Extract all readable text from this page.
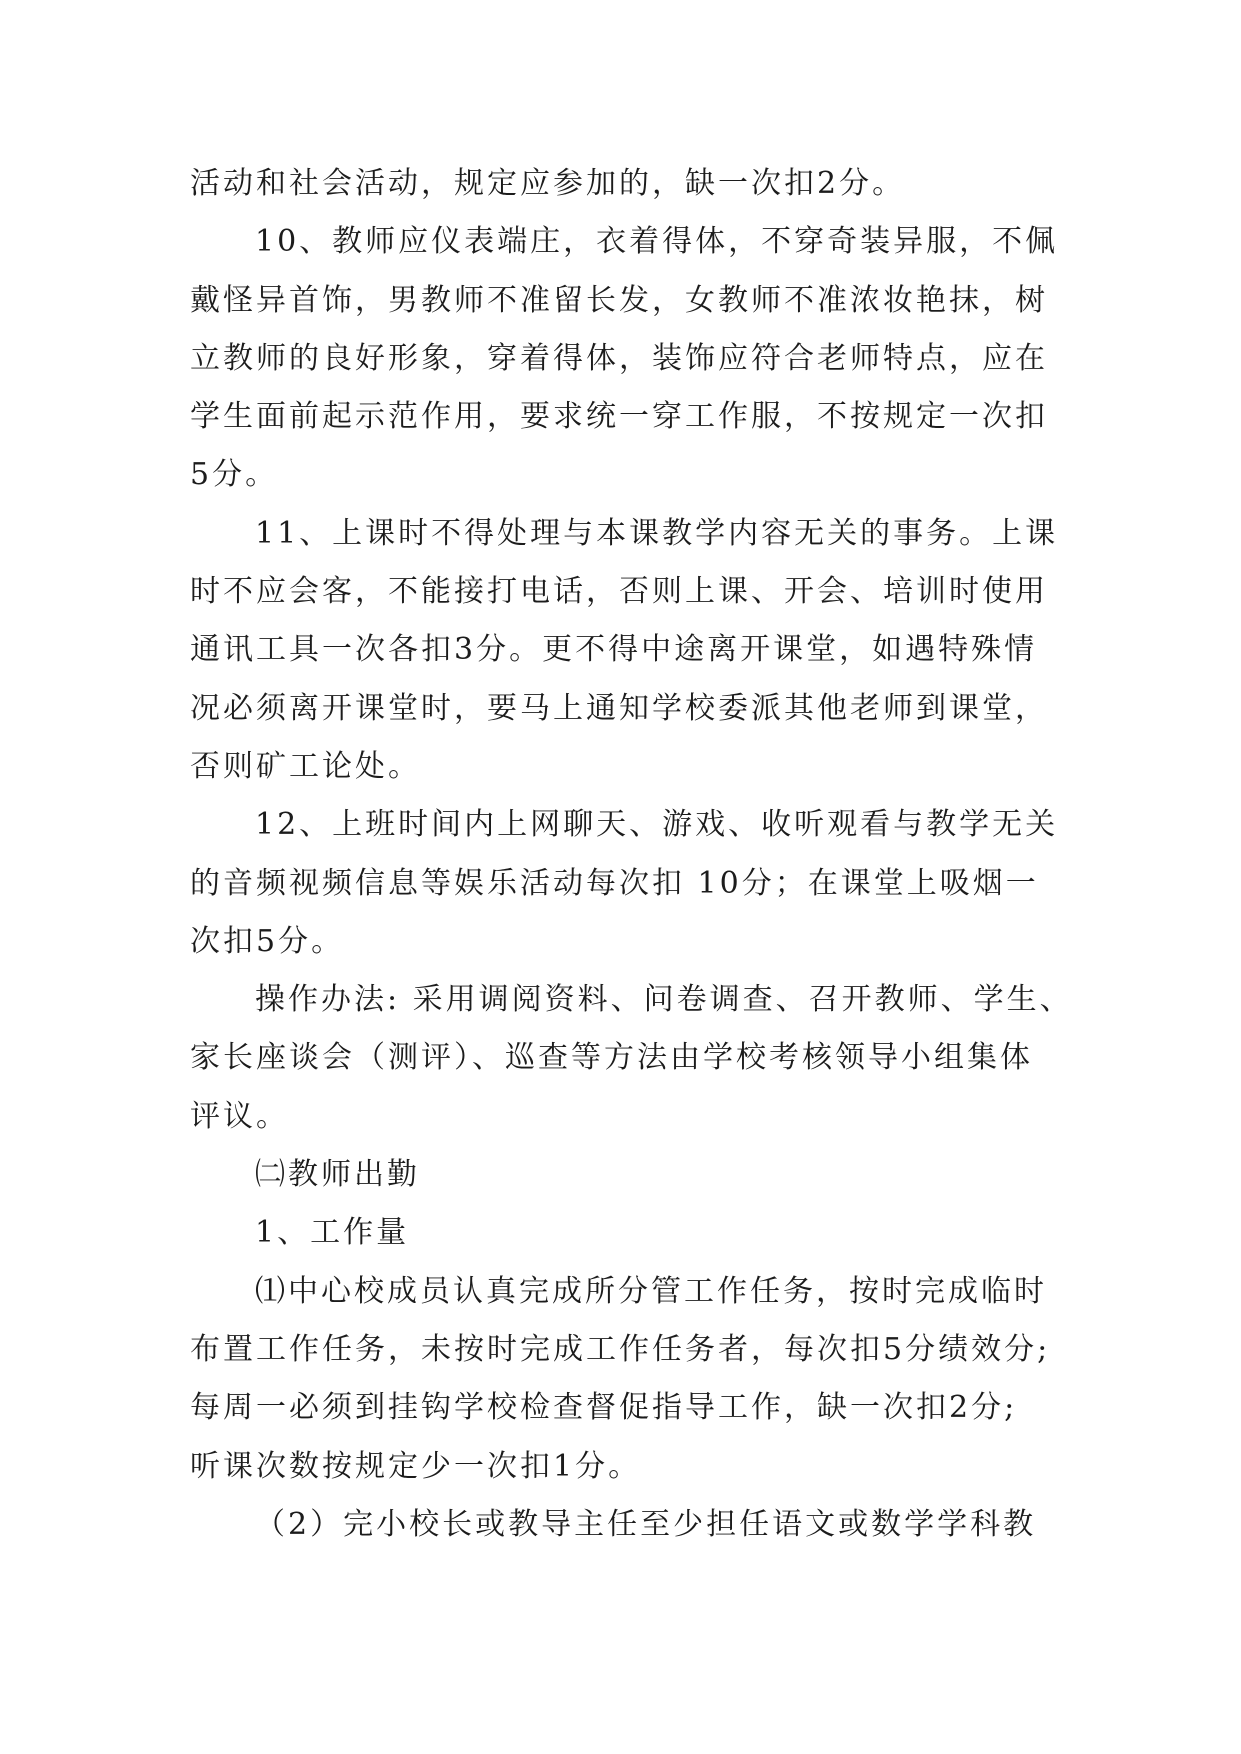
活动和社会活动，规定应参加的，缺一次扣2分。
10、教师应仪表端庄，衣着得体，不穿奇装异服，不佩
戴怪异首饰，男教师不准留长发，女教师不准浓妆艳抹，树
立教师的良好形象，穿着得体，装饰应符合老师特点，应在
学生面前起示范作用，要求统一穿工作服，不按规定一次扣
5分。
11、上课时不得处理与本课教学内容无关的事务。上课
时不应会客，不能接打电话，否则上课、开会、培训时使用
通讯工具一次各扣3分。更不得中途离开课堂，如遇特殊情
况必须离开课堂时，要马上通知学校委派其他老师到课堂，
否则矿工论处。
12、上班时间内上网聊天、游戏、收听观看与教学无关
的音频视频信息等娱乐活动每次扣 10分；在课堂上吸烟一
次扣5分。
操作办法: 采用调阅资料、问卷调查、召开教师、学生、
家长座谈会（测评）、巡查等方法由学校考核领导小组集体
评议。
㈡教师出勤
1、工作量
⑴中心校成员认真完成所分管工作任务，按时完成临时
布置工作任务，未按时完成工作任务者，每次扣5分绩效分;
每周一必须到挂钩学校检查督促指导工作，缺一次扣2分;
听课次数按规定少一次扣1分。
（2）完小校长或教导主任至少担任语文或数学学科教
